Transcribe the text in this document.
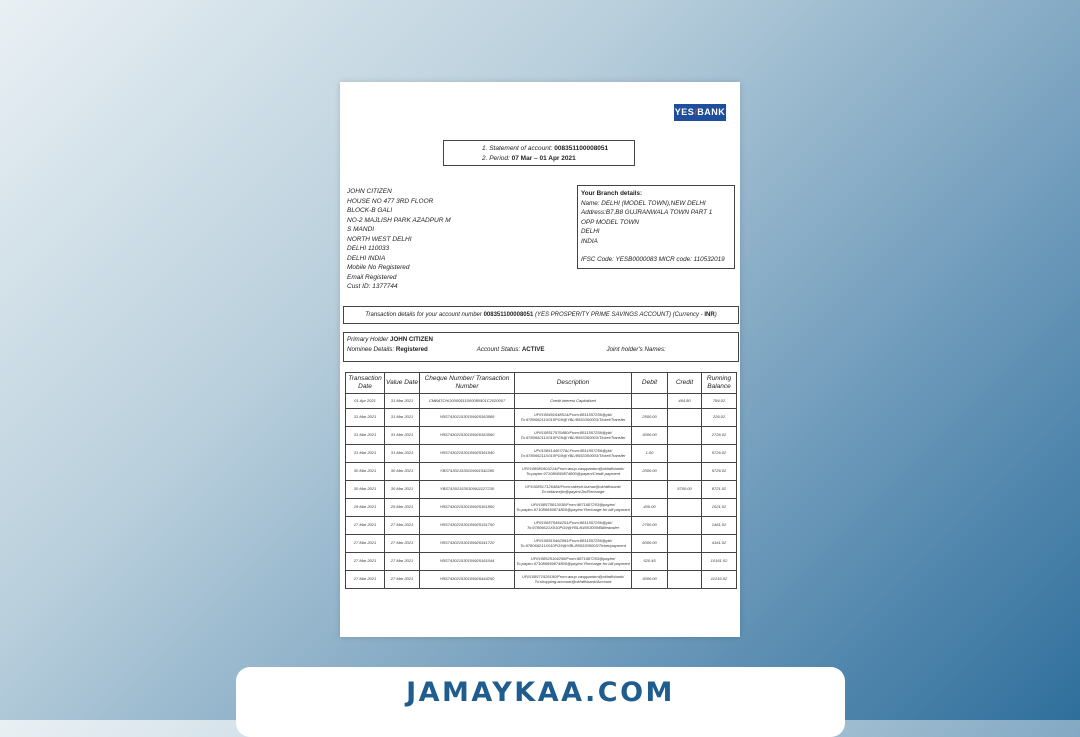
YES/BANK
1. Statement of account: 008351100008051
2. Period: 07 Mar – 01 Apr 2021
JOHN CITIZEN
HOUSE NO 477 3RD FLOOR
BLOCK-B GALI
NO-2 MAJLISH PARK AZADPUR M
S MANDI
NORTH WEST DELHI
DELHI 110033
DELHI INDIA
Mobile No Registered
Email Registered
Cust ID: 1377744
Your Branch details:
Name: DELHI (MODEL TOWN),NEW DELHI
Address:B7,B8 GUJRANWALA TOWN PART 1
OPP MODEL TOWN
DELHI
INDIA
IFSC Code: YESB0000083 MICR code: 110532019
Transaction details for your account number 008351100008051 (YES PROSPERITY PRIME SAVINGS ACCOUNT) (Currency - INR)
Primary Holder JOHN CITIZEN
Nominee Details: Registered	Account Status: ACTIVE	Joint holder's Names:
Transaction Date	Value Date	Cheque Number/ Transaction Number	Description	Debit	Credit	Running Balance
01 Apr 2021	31 Mar 2021	CMBATCHO0000511000080501C2020007	Credit interest Capitalised		464.80	784.02
31 Mar 2021	31 Mar 2021	YBS743021530109925363589	UPI/108491648514/From:8811557256@ybl/ To:978066211X010PG9@YBL/8553300003/Ticket/Transfer	2500.00		226.02
31 Mar 2021	31 Mar 2021	YBS743021530109926363560	UPI/108517576480/From:8811557256@ybl/ To:978066211X010PG9@YBL/8553300003/Ticket/Transfer	3000.00		2726.02
31 Mar 2021	31 Mar 2021	YBS743021530109925361940	UPI/108514407/TALFrom:8811557256@ybl/ To:978066211X010PG9@YBL/8553300003/Ticket/Transfer	1.00		5726.02
30 Mar 2021	30 Mar 2021	YBS743021530109911542280	UPI/108981603214/From:anup.vasppanbm@okhdfcbank/ To:paytm.971086659874800@paytm/Credit payment	2000.00		5726.02
30 Mar 2021	30 Mar 2021	YBS743021530109911127230	UPI/108517126484/From:rakesh.kumar@okhdfcbank/ To:reliancejio@paytm/Jio/Recharge		5700.00	8721.02
29 Mar 2021	29 Mar 2021	YBS743021530109925361850	UPI/108575813038/From:9871687253@paytm/ To:paytm.971086659874800@paytm/ Recharge for bill payment	400.00		1021.02
27 Mar 2021	27 Mar 2021	YBS743021530109925151750	UPI/108575454251/From:8811557256@ybl/ To:97806621X010PG9@YBL/64003000/Bill/transfer	2700.00		1461.02
27 Mar 2021	27 Mar 2021	YBS743021530109926341720	UPI/108515462991/From:8811557256@ybl/ To:978066211X010PG9@YBL/8553300003/Ticket/payment	6000.00		4161.02
27 Mar 2021	27 Mar 2021	YBS743021530109925161044	UPI/108525104258/From:9871687253@paytm/ To:paytm.971086659874800@paytm/ Recharge for bill payment	520.45		10161.02
27 Mar 2021	27 Mar 2021	YBS743021530109926444250	UPI/108571526190/From:anup.vasppanbm@okhdfcbank/ To:shopping.account@okhdfcbank/Account	3000.00		11216.02
JAMAYKAA.COM
